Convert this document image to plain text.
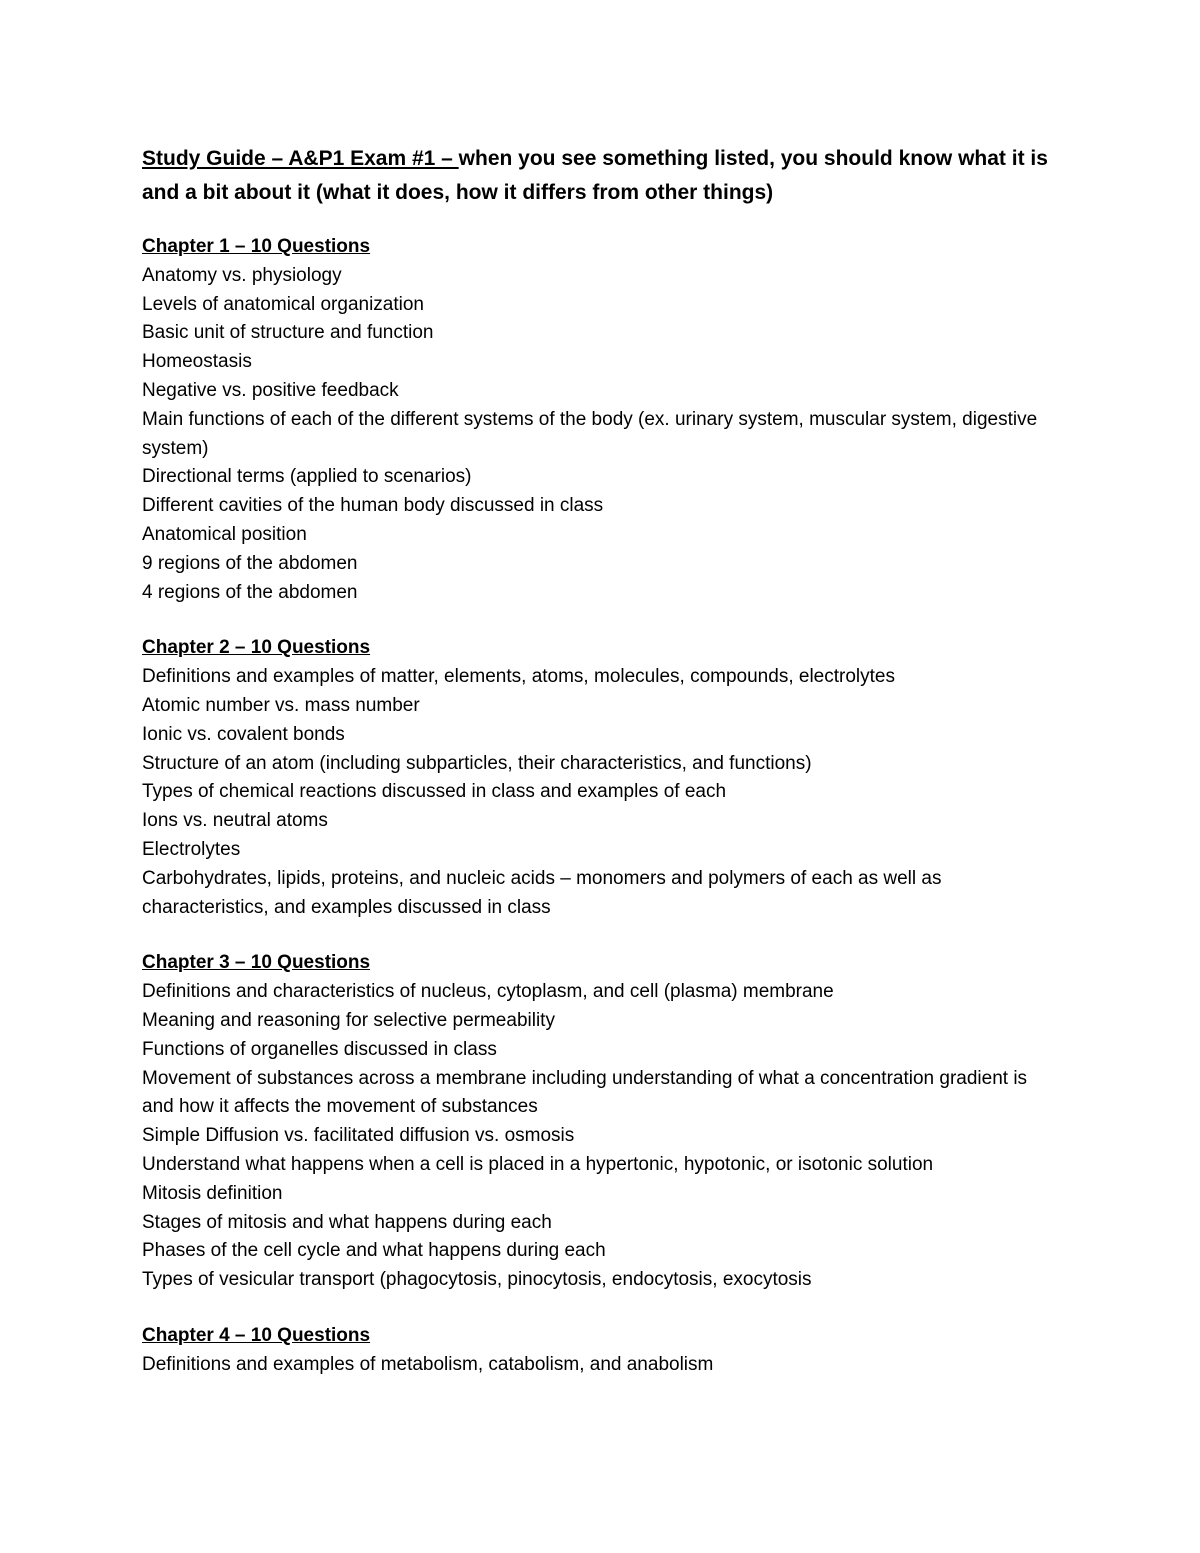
Study Guide – A&P1 Exam #1 – when you see something listed, you should know what it is and a bit about it (what it does, how it differs from other things)

Chapter 1 – 10 Questions

Anatomy vs. physiology

Levels of anatomical organization

Basic unit of structure and function

Homeostasis

Negative vs. positive feedback

Main functions of each of the different systems of the body (ex. urinary system, muscular system, digestive system)

Directional terms (applied to scenarios)

Different cavities of the human body discussed in class

Anatomical position

9 regions of the abdomen

4 regions of the abdomen

Chapter 2 – 10 Questions

Definitions and examples of matter, elements, atoms, molecules, compounds, electrolytes

Atomic number vs. mass number

Ionic vs. covalent bonds

Structure of an atom (including subparticles, their characteristics, and functions)

Types of chemical reactions discussed in class and examples of each

Ions vs. neutral atoms

Electrolytes

Carbohydrates, lipids, proteins, and nucleic acids – monomers and polymers of each as well as characteristics, and examples discussed in class

Chapter 3 – 10 Questions

Definitions and characteristics of nucleus, cytoplasm, and cell (plasma) membrane

Meaning and reasoning for selective permeability

Functions of organelles discussed in class

Movement of substances across a membrane including understanding of what a concentration gradient is and how it affects the movement of substances

Simple Diffusion vs. facilitated diffusion vs. osmosis

Understand what happens when a cell is placed in a hypertonic, hypotonic, or isotonic solution

Mitosis definition

Stages of mitosis and what happens during each

Phases of the cell cycle and what happens during each

Types of vesicular transport (phagocytosis, pinocytosis, endocytosis, exocytosis

Chapter 4 – 10 Questions

Definitions and examples of metabolism, catabolism, and anabolism
